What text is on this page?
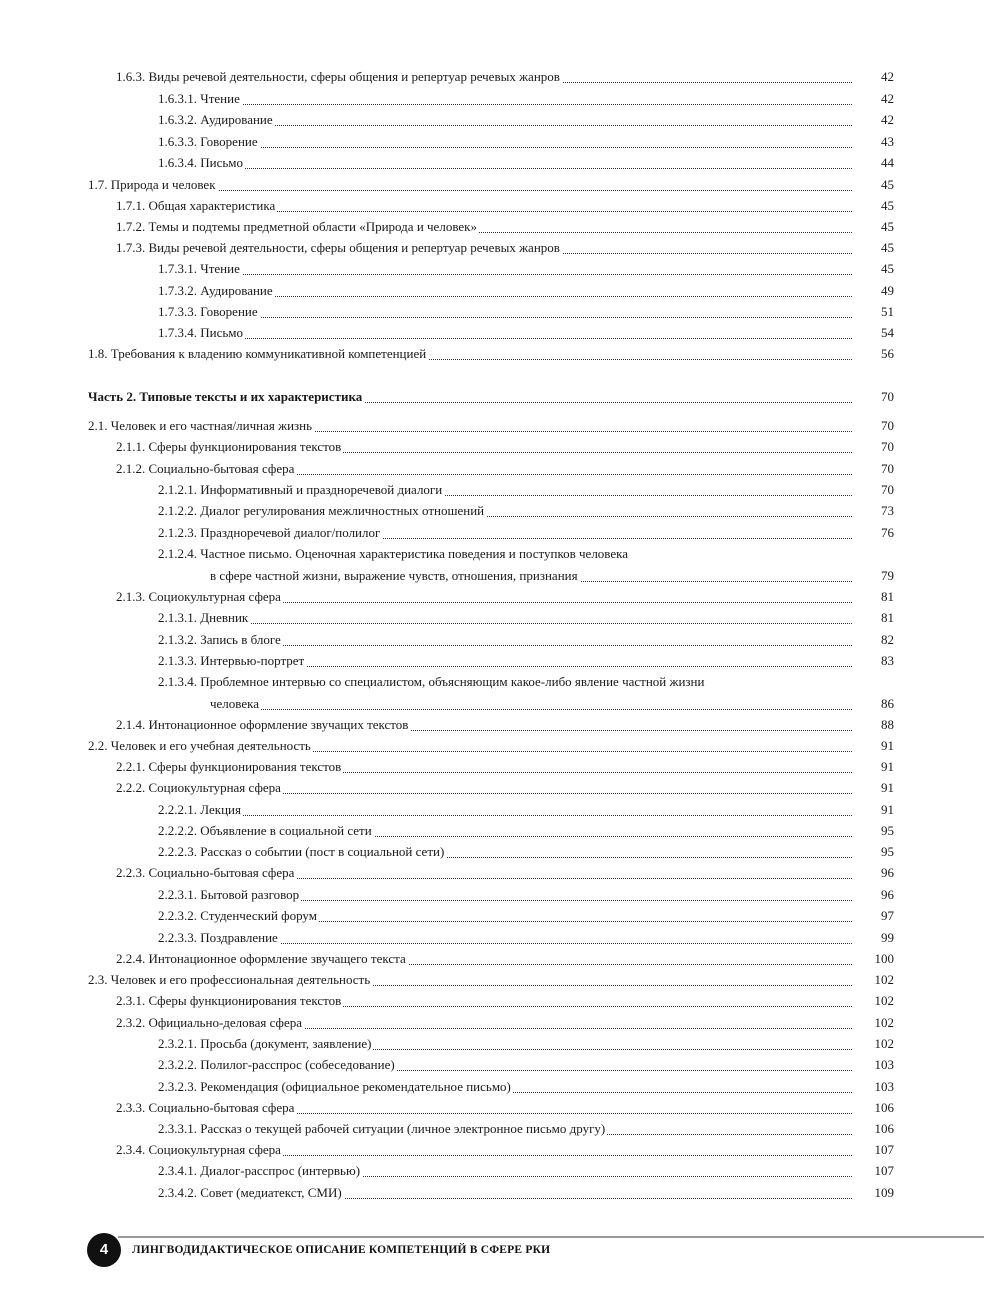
1.6.3. Виды речевой деятельности, сферы общения и репертуар речевых жанров	42
1.6.3.1. Чтение	42
1.6.3.2. Аудирование	42
1.6.3.3. Говорение	43
1.6.3.4. Письмо	44
1.7. Природа и человек	45
1.7.1. Общая характеристика	45
1.7.2. Темы и подтемы предметной области «Природа и человек»	45
1.7.3. Виды речевой деятельности, сферы общения и репертуар речевых жанров	45
1.7.3.1. Чтение	45
1.7.3.2. Аудирование	49
1.7.3.3. Говорение	51
1.7.3.4. Письмо	54
1.8. Требования к владению коммуникативной компетенцией	56
Часть 2. Типовые тексты и их характеристика	70
2.1. Человек и его частная/личная жизнь	70
2.1.1. Сферы функционирования текстов	70
2.1.2. Социально-бытовая сфера	70
2.1.2.1. Информативный и праздноречевой диалоги	70
2.1.2.2. Диалог регулирования межличностных отношений	73
2.1.2.3. Праздноречевой диалог/полилог	76
2.1.2.4. Частное письмо. Оценочная характеристика поведения и поступков человека
в сфере частной жизни, выражение чувств, отношения, признания	79
2.1.3. Социокультурная сфера	81
2.1.3.1. Дневник	81
2.1.3.2. Запись в блоге	82
2.1.3.3. Интервью-портрет	83
2.1.3.4. Проблемное интервью со специалистом, объясняющим какое-либо явление частной жизни
человека	86
2.1.4. Интонационное оформление звучащих текстов	88
2.2. Человек и его учебная деятельность	91
2.2.1. Сферы функционирования текстов	91
2.2.2. Социокультурная сфера	91
2.2.2.1. Лекция	91
2.2.2.2. Объявление в социальной сети	95
2.2.2.3. Рассказ о событии (пост в социальной сети)	95
2.2.3. Социально-бытовая сфера	96
2.2.3.1. Бытовой разговор	96
2.2.3.2. Студенческий форум	97
2.2.3.3. Поздравление	99
2.2.4. Интонационное оформление звучащего текста	100
2.3. Человек и его профессиональная деятельность	102
2.3.1. Сферы функционирования текстов	102
2.3.2. Официально-деловая сфера	102
2.3.2.1. Просьба (документ, заявление)	102
2.3.2.2. Полилог-расспрос (собеседование)	103
2.3.2.3. Рекомендация (официальное рекомендательное письмо)	103
2.3.3. Социально-бытовая сфера	106
2.3.3.1. Рассказ о текущей рабочей ситуации (личное электронное письмо другу)	106
2.3.4. Социокультурная сфера	107
2.3.4.1. Диалог-расспрос (интервью)	107
2.3.4.2. Совет (медиатекст, СМИ)	109
4	ЛИНГВОДИДАКТИЧЕСКОЕ ОПИСАНИЕ КОМПЕТЕНЦИЙ В СФЕРЕ РКИ
